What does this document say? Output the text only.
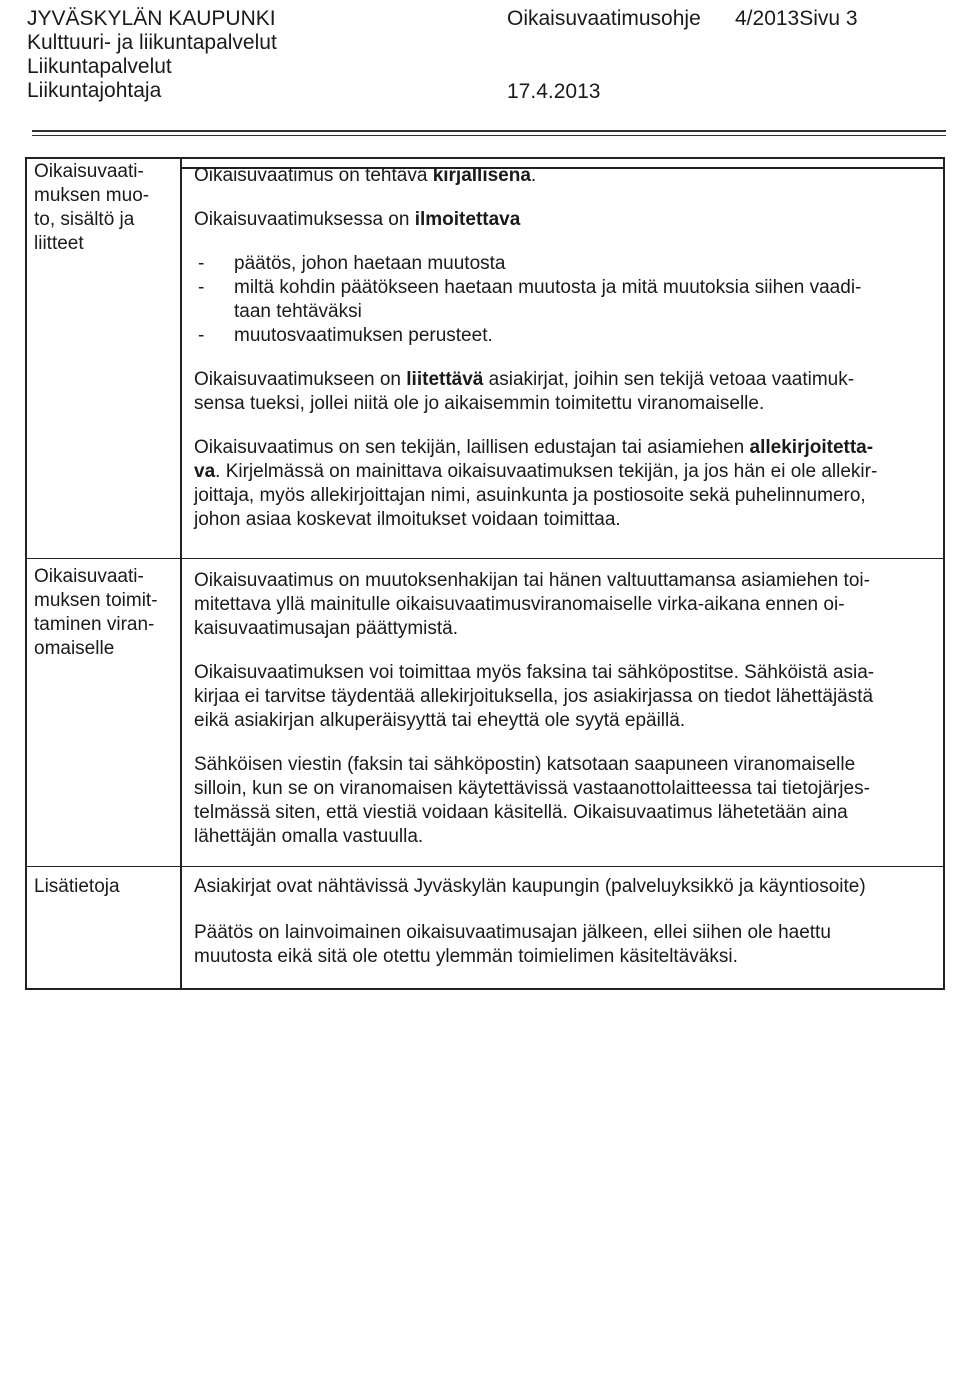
JYVÄSKYLÄN KAUPUNKI
Kulttuuri- ja liikuntapalvelut
Liikuntapalvelut
Liikuntajohtaja
Oikaisuvaatimusohje 4/2013Sivu 3
17.4.2013
Oikaisuvaati-
muksen muo-
to, sisältö ja
liitteet

Oikaisuvaatimus on tehtävä kirjallisena.

Oikaisuvaatimuksessa on ilmoitettava

- päätös, johon haetaan muutosta
- miltä kohdin päätökseen haetaan muutosta ja mitä muutoksia siihen vaadi-
taan tehtäväksi
- muutosvaatimuksen perusteet.

Oikaisuvaatimukseen on liitettävä asiakirjat, joihin sen tekijä vetoaa vaatimuk-
sensa tueksi, jollei niitä ole jo aikaisemmin toimitettu viranomaiselle.

Oikaisuvaatimus on sen tekijän, laillisen edustajan tai asiamiehen allekirjoitetta-
va. Kirjelmässä on mainittava oikaisuvaatimuksen tekijän, ja jos hän ei ole allekir-
joittaja, myös allekirjoittajan nimi, asuinkunta ja postiosoite sekä puhelinnumero,
johon asiaa koskevat ilmoitukset voidaan toimittaa.

Oikaisuvaati-
muksen toimit-
taminen viran-
omaiselle

Oikaisuvaatimus on muutoksenhakijan tai hänen valtuuttamansa asiamiehen toi-
mitettava yllä mainitulle oikaisuvaatimusviranomaiselle virka-aikana ennen oi-
kaisuvaatimusajan päättymistä.

Oikaisuvaatimuksen voi toimittaa myös faksina tai sähköpostitse. Sähköistä asia-
kirjaa ei tarvitse täydentää allekirjoituksella, jos asiakirjassa on tiedot lähettäjästä
eikä asiakirjan alkuperäisyyttä tai eheyttä ole syytä epäillä.

Sähköisen viestin (faksin tai sähköpostin) katsotaan saapuneen viranomaiselle
silloin, kun se on viranomaisen käytettävissä vastaanottolaitteessa tai tietojärjes-
telmässä siten, että viestiä voidaan käsitellä. Oikaisuvaatimus lähetetään aina
lähettäjän omalla vastuulla.

Lisätietoja	Asiakirjat ovat nähtävissä Jyväskylän kaupungin (palveluyksikkö ja käyntiosoite)

Päätös on lainvoimainen oikaisuvaatimusajan jälkeen, ellei siihen ole haettu
muutosta eikä sitä ole otettu ylemmän toimielimen käsiteltäväksi.
